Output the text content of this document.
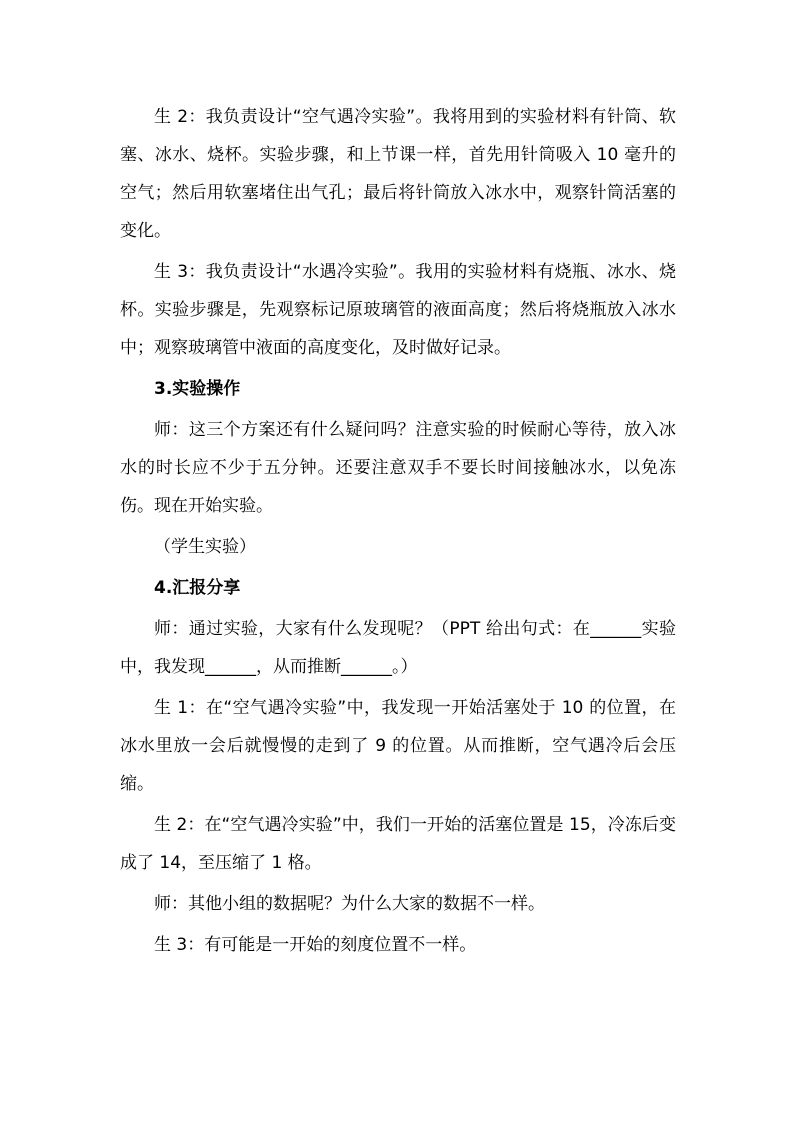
生 2：我负责设计“空气遇冷实验”。我将用到的实验材料有针筒、软塞、冰水、烧杯。实验步骤，和上节课一样，首先用针筒吸入 10 毫升的空气；然后用软塞堵住出气孔；最后将针筒放入冰水中，观察针筒活塞的变化。

生 3：我负责设计“水遇冷实验”。我用的实验材料有烧瓶、冰水、烧杯。实验步骤是，先观察标记原玻璃管的液面高度；然后将烧瓶放入冰水中；观察玻璃管中液面的高度变化，及时做好记录。

3.实验操作

师：这三个方案还有什么疑问吗？注意实验的时候耐心等待，放入冰水的时长应不少于五分钟。还要注意双手不要长时间接触冰水，以免冻伤。现在开始实验。

（学生实验）

4.汇报分享

师：通过实验，大家有什么发现呢？（PPT 给出句式：在______实验中，我发现______，从而推断______。）

生 1：在“空气遇冷实验”中，我发现一开始活塞处于 10 的位置，在冰水里放一会后就慢慢的走到了 9 的位置。从而推断，空气遇冷后会压缩。

生 2：在“空气遇冷实验”中，我们一开始的活塞位置是 15，冷冻后变成了 14，至压缩了 1 格。

师：其他小组的数据呢？为什么大家的数据不一样。

生 3：有可能是一开始的刻度位置不一样。
